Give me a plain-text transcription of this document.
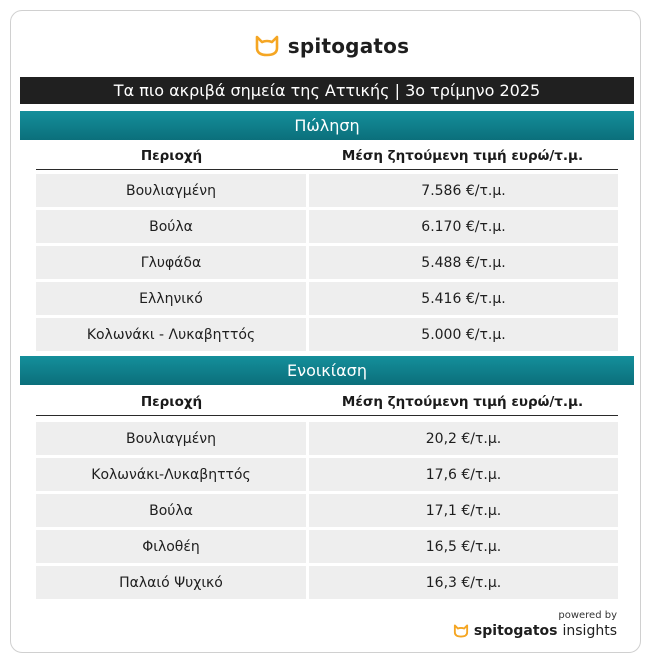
spitogatos
Τα πιο ακριβά σημεία της Αττικής | 3ο τρίμηνο 2025
Πώληση
Περιοχή	Μέση ζητούμενη τιμή ευρώ/τ.μ.
Βουλιαγμένη	7.586 €/τ.μ.
Βούλα	6.170 €/τ.μ.
Γλυφάδα	5.488 €/τ.μ.
Ελληνικό	5.416 €/τ.μ.
Κολωνάκι - Λυκαβηττός	5.000 €/τ.μ.
Ενοικίαση
Περιοχή	Μέση ζητούμενη τιμή ευρώ/τ.μ.
Βουλιαγμένη	20,2 €/τ.μ.
Κολωνάκι-Λυκαβηττός	17,6 €/τ.μ.
Βούλα	17,1 €/τ.μ.
Φιλοθέη	16,5 €/τ.μ.
Παλαιό Ψυχικό	16,3 €/τ.μ.
powered by
spitogatos insights
